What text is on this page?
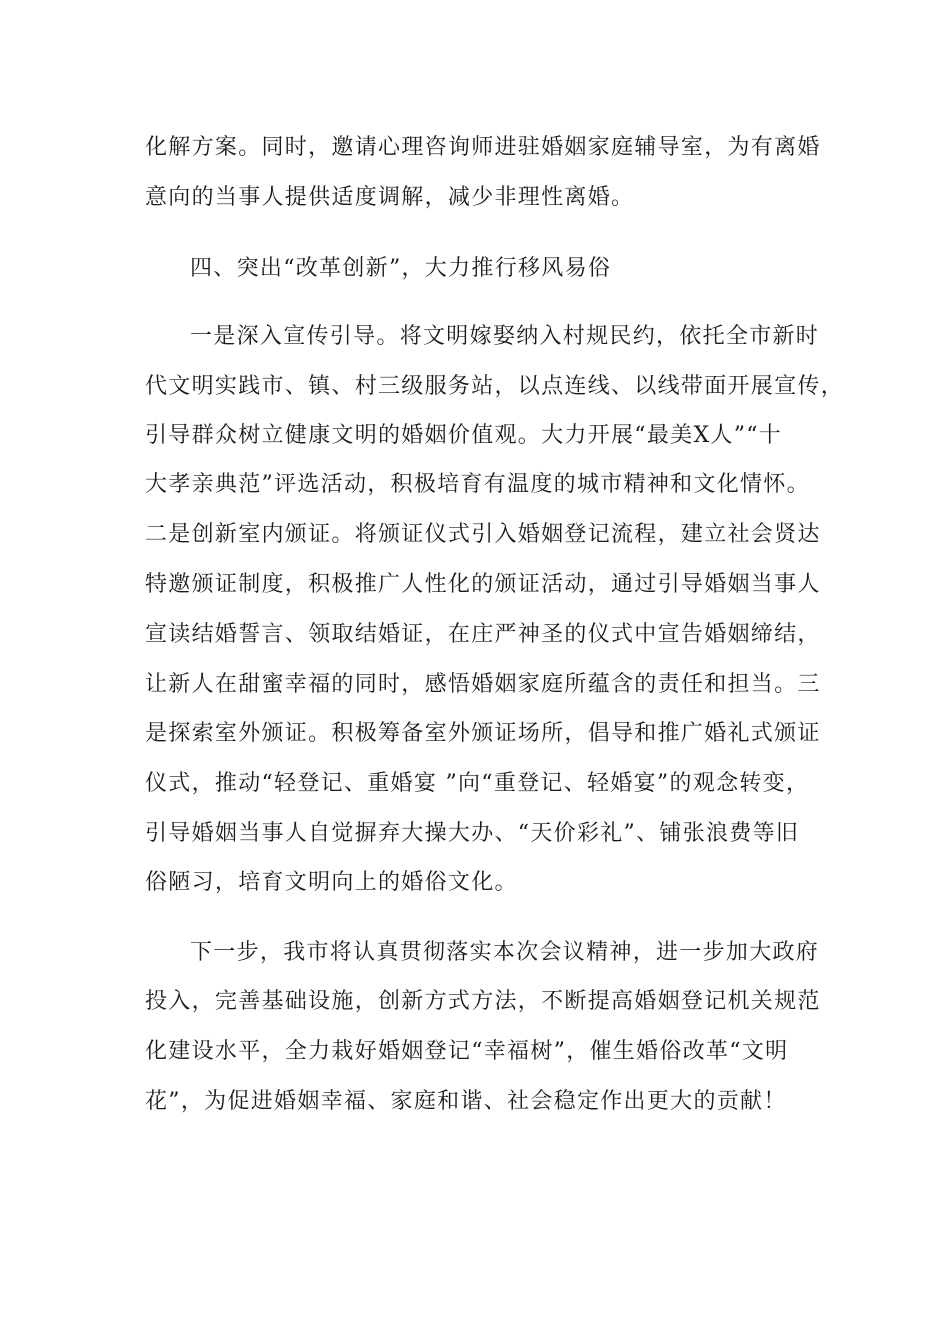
化解方案。同时，邀请心理咨询师进驻婚姻家庭辅导室，为有离婚
意向的当事人提供适度调解，减少非理性离婚。
四、突出“改革创新”，大力推行移风易俗
一是深入宣传引导。将文明嫁娶纳入村规民约，依托全市新时
代文明实践市、镇、村三级服务站，以点连线、以线带面开展宣传，
引导群众树立健康文明的婚姻价值观。大力开展“最美X人”“十
大孝亲典范”评选活动，积极培育有温度的城市精神和文化情怀。
二是创新室内颁证。将颁证仪式引入婚姻登记流程，建立社会贤达
特邀颁证制度，积极推广人性化的颁证活动，通过引导婚姻当事人
宣读结婚誓言、领取结婚证，在庄严神圣的仪式中宣告婚姻缔结，
让新人在甜蜜幸福的同时，感悟婚姻家庭所蕴含的责任和担当。三
是探索室外颁证。积极筹备室外颁证场所，倡导和推广婚礼式颁证
仪式，推动“轻登记、重婚宴 ”向“重登记、轻婚宴”的观念转变，
引导婚姻当事人自觉摒弃大操大办、“天价彩礼”、铺张浪费等旧
俗陋习，培育文明向上的婚俗文化。
下一步，我市将认真贯彻落实本次会议精神，进一步加大政府
投入，完善基础设施，创新方式方法，不断提高婚姻登记机关规范
化建设水平，全力栽好婚姻登记“幸福树”，催生婚俗改革“文明
花”，为促进婚姻幸福、家庭和谐、社会稳定作出更大的贡献！
